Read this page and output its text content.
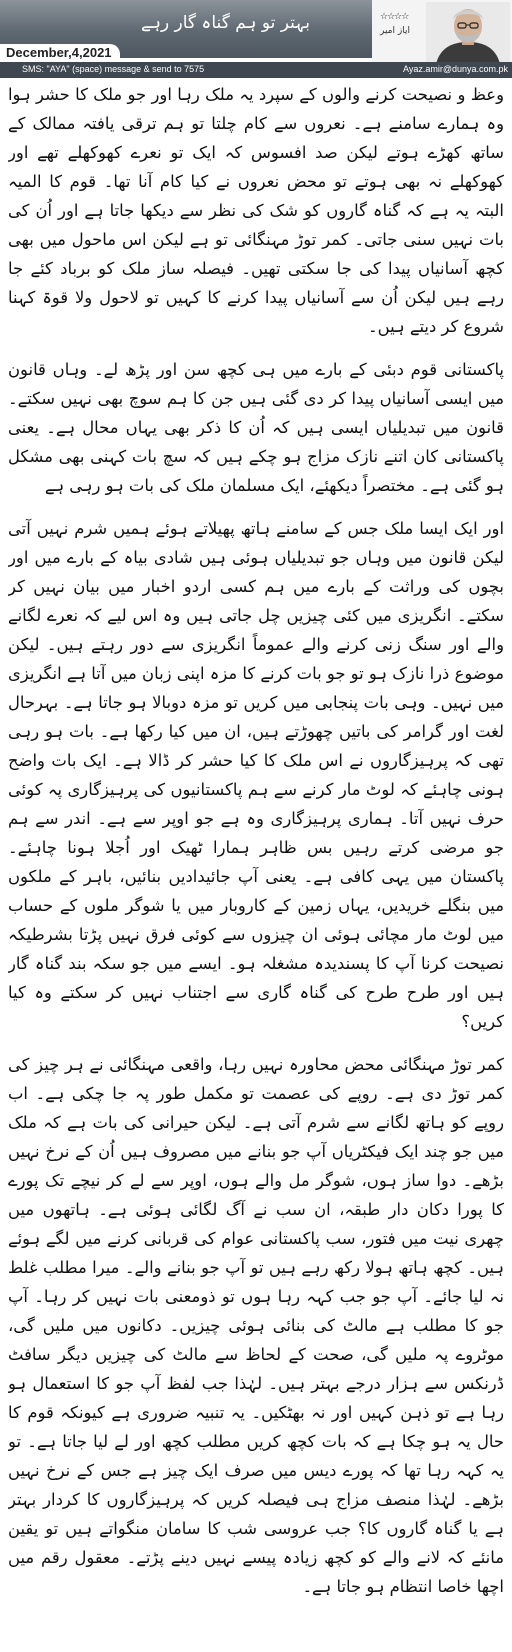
بہتر تو ہم گناہ گار رہے
December,4,2021
☆☆☆☆
ایاز امیر
SMS: "AYA" (space) message & send to 7575	Ayaz.amir@dunya.com.pk

وعظ و نصیحت کرنے والوں کے سپرد یہ ملک رہا اور جو ملک کا حشر ہوا وہ ہمارے سامنے ہے۔ نعروں سے کام چلتا تو ہم ترقی یافتہ ممالک کے ساتھ کھڑے ہوتے لیکن صد افسوس کہ ایک تو نعرے کھوکھلے تھے اور کھوکھلے نہ بھی ہوتے تو محض نعروں نے کیا کام آنا تھا۔ قوم کا المیہ البتہ یہ ہے کہ گناہ گاروں کو شک کی نظر سے دیکھا جاتا ہے اور اُن کی بات نہیں سنی جاتی۔ کمر توڑ مہنگائی تو ہے لیکن اس ماحول میں بھی کچھ آسانیاں پیدا کی جا سکتی تھیں۔ فیصلہ ساز ملک کو برباد کئے جا رہے ہیں لیکن اُن سے آسانیاں پیدا کرنے کا کہیں تو لاحول ولا قوۃ کہنا شروع کر دیتے ہیں۔

پاکستانی قوم دبئی کے بارے میں ہی کچھ سن اور پڑھ لے۔ وہاں قانون میں ایسی آسانیاں پیدا کر دی گئی ہیں جن کا ہم سوچ بھی نہیں سکتے۔ قانون میں تبدیلیاں ایسی ہیں کہ اُن کا ذکر بھی یہاں محال ہے۔ یعنی پاکستانی کان اتنے نازک مزاج ہو چکے ہیں کہ سچ بات کہنی بھی مشکل ہو گئی ہے۔ مختصراً دیکھئے، ایک مسلمان ملک کی بات ہو رہی ہے

اور ایک ایسا ملک جس کے سامنے ہاتھ پھیلاتے ہوئے ہمیں شرم نہیں آتی لیکن قانون میں وہاں جو تبدیلیاں ہوئی ہیں شادی بیاہ کے بارے میں اور بچوں کی وراثت کے بارے میں ہم کسی اردو اخبار میں بیان نہیں کر سکتے۔ انگریزی میں کئی چیزیں چل جاتی ہیں وہ اس لیے کہ نعرے لگانے والے اور سنگ زنی کرنے والے عموماً انگریزی سے دور رہتے ہیں۔ لیکن موضوع ذرا نازک ہو تو جو بات کرنے کا مزہ اپنی زبان میں آتا ہے انگریزی میں نہیں۔ وہی بات پنجابی میں کریں تو مزہ دوبالا ہو جاتا ہے۔ بہرحال لغت اور گرامر کی باتیں چھوڑتے ہیں، ان میں کیا رکھا ہے۔ بات ہو رہی تھی کہ پرہیزگاروں نے اس ملک کا کیا حشر کر ڈالا ہے۔ ایک بات واضح ہونی چاہئے کہ لوٹ مار کرنے سے ہم پاکستانیوں کی پرہیزگاری پہ کوئی حرف نہیں آتا۔ ہماری پرہیزگاری وہ ہے جو اوپر سے ہے۔ اندر سے ہم جو مرضی کرتے رہیں بس ظاہر ہمارا ٹھیک اور اُجلا ہونا چاہئے۔ پاکستان میں یہی کافی ہے۔ یعنی آپ جائیدادیں بنائیں، باہر کے ملکوں میں بنگلے خریدیں، یہاں زمین کے کاروبار میں یا شوگر ملوں کے حساب میں لوٹ مار مچائی ہوئی ان چیزوں سے کوئی فرق نہیں پڑتا بشرطیکہ نصیحت کرنا آپ کا پسندیدہ مشغلہ ہو۔ ایسے میں جو سکہ بند گناہ گار ہیں اور طرح طرح کی گناہ گاری سے اجتناب نہیں کر سکتے وہ کیا کریں؟

کمر توڑ مہنگائی محض محاورہ نہیں رہا، واقعی مہنگائی نے ہر چیز کی کمر توڑ دی ہے۔ روپے کی عصمت تو مکمل طور پہ جا چکی ہے۔ اب روپے کو ہاتھ لگانے سے شرم آتی ہے۔ لیکن حیرانی کی بات ہے کہ ملک میں جو چند ایک فیکٹریاں آپ جو بنانے میں مصروف ہیں اُن کے نرخ نہیں بڑھے۔ دوا ساز ہوں، شوگر مل والے ہوں، اوپر سے لے کر نیچے تک پورے کا پورا دکان دار طبقہ، ان سب نے آگ لگائی ہوئی ہے۔ ہاتھوں میں چھری نیت میں فتور، سب پاکستانی عوام کی قربانی کرنے میں لگے ہوئے ہیں۔ کچھ ہاتھ ہولا رکھ رہے ہیں تو آپ جو بنانے والے۔ میرا مطلب غلط نہ لیا جائے۔ آپ جو جب کہہ رہا ہوں تو ذومعنی بات نہیں کر رہا۔ آپ جو کا مطلب ہے مالٹ کی بنائی ہوئی چیزیں۔ دکانوں میں ملیں گی، موٹروے پہ ملیں گی، صحت کے لحاظ سے مالٹ کی چیزیں دیگر سافٹ ڈرنکس سے ہزار درجے بہتر ہیں۔ لہٰذا جب لفظ آپ جو کا استعمال ہو رہا ہے تو ذہن کہیں اور نہ بھٹکیں۔ یہ تنبیہ ضروری ہے کیونکہ قوم کا حال یہ ہو چکا ہے کہ بات کچھ کریں مطلب کچھ اور لے لیا جاتا ہے۔ تو یہ کہہ رہا تھا کہ پورے دیس میں صرف ایک چیز ہے جس کے نرخ نہیں بڑھے۔ لہٰذا منصف مزاج ہی فیصلہ کریں کہ پرہیزگاروں کا کردار بہتر ہے یا گناہ گاروں کا؟ جب عروسی شب کا سامان منگواتے ہیں تو یقین مانئے کہ لانے والے کو کچھ زیادہ پیسے نہیں دینے پڑتے۔ معقول رقم میں اچھا خاصا انتظام ہو جاتا ہے۔
